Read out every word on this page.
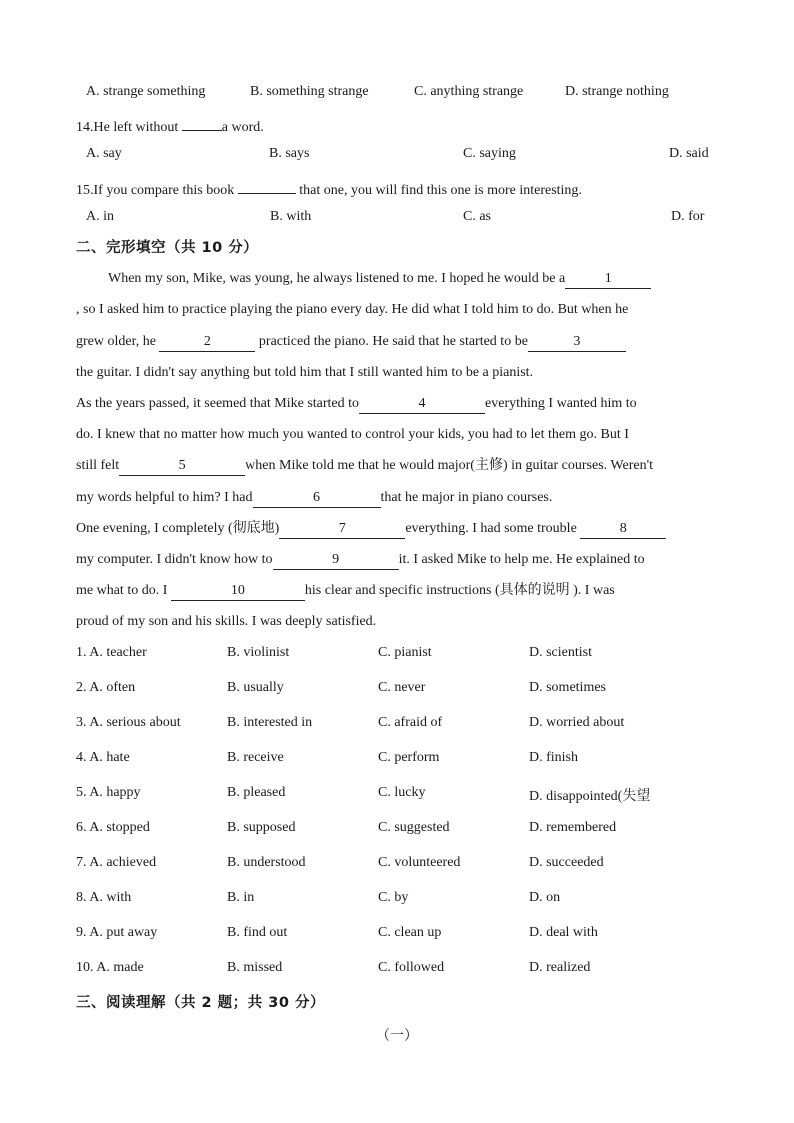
A. strange something	B. something strange	C. anything strange	D. strange nothing
14.He left without	a word.
A. say	B. says	C. saying	D. said
15.If you compare this book	that one, you will find this one is more interesting.
A. in	B. with	C. as	D. for
二、完形填空（共 10 分）
When my son, Mike, was young, he always listened to me. I hoped he would be a	1
, so I asked him to practice playing the piano every day. He did what I told him to do. But when he
grew older, he	2	practiced the piano. He said that he started to be	3
the guitar. I didn't say anything but told him that I still wanted him to be a pianist.
As the years passed, it seemed that Mike started to	4	everything I wanted him to
do. I knew that no matter how much you wanted to control your kids, you had to let them go. But I
still felt	5	when Mike told me that he would major(主修) in guitar courses. Weren't
my words helpful to him? I had	6	that he major in piano courses.
One evening, I completely (彻底地)	7	everything. I had some trouble	8
my computer. I didn't know how to	9	it. I asked Mike to help me. He explained to
me what to do. I	10	his clear and specific instructions (具体的说明 ). I was
proud of my son and his skills. I was deeply satisfied.
1. A. teacher	B. violinist	C. pianist	D. scientist
2. A. often	B. usually	C. never	D. sometimes
3. A. serious about	B. interested in	C. afraid of	D. worried about
4. A. hate	B. receive	C. perform	D. finish
5. A. happy	B. pleased	C. lucky	D. disappointed(失望
6. A. stopped	B. supposed	C. suggested	D. remembered
7. A. achieved	B. understood	C. volunteered	D. succeeded
8. A. with	B. in	C. by	D. on
9. A. put away	B. find out	C. clean up	D. deal with
10. A. made	B. missed	C. followed	D. realized
三、阅读理解（共 2 题；共 30 分）
（一）
